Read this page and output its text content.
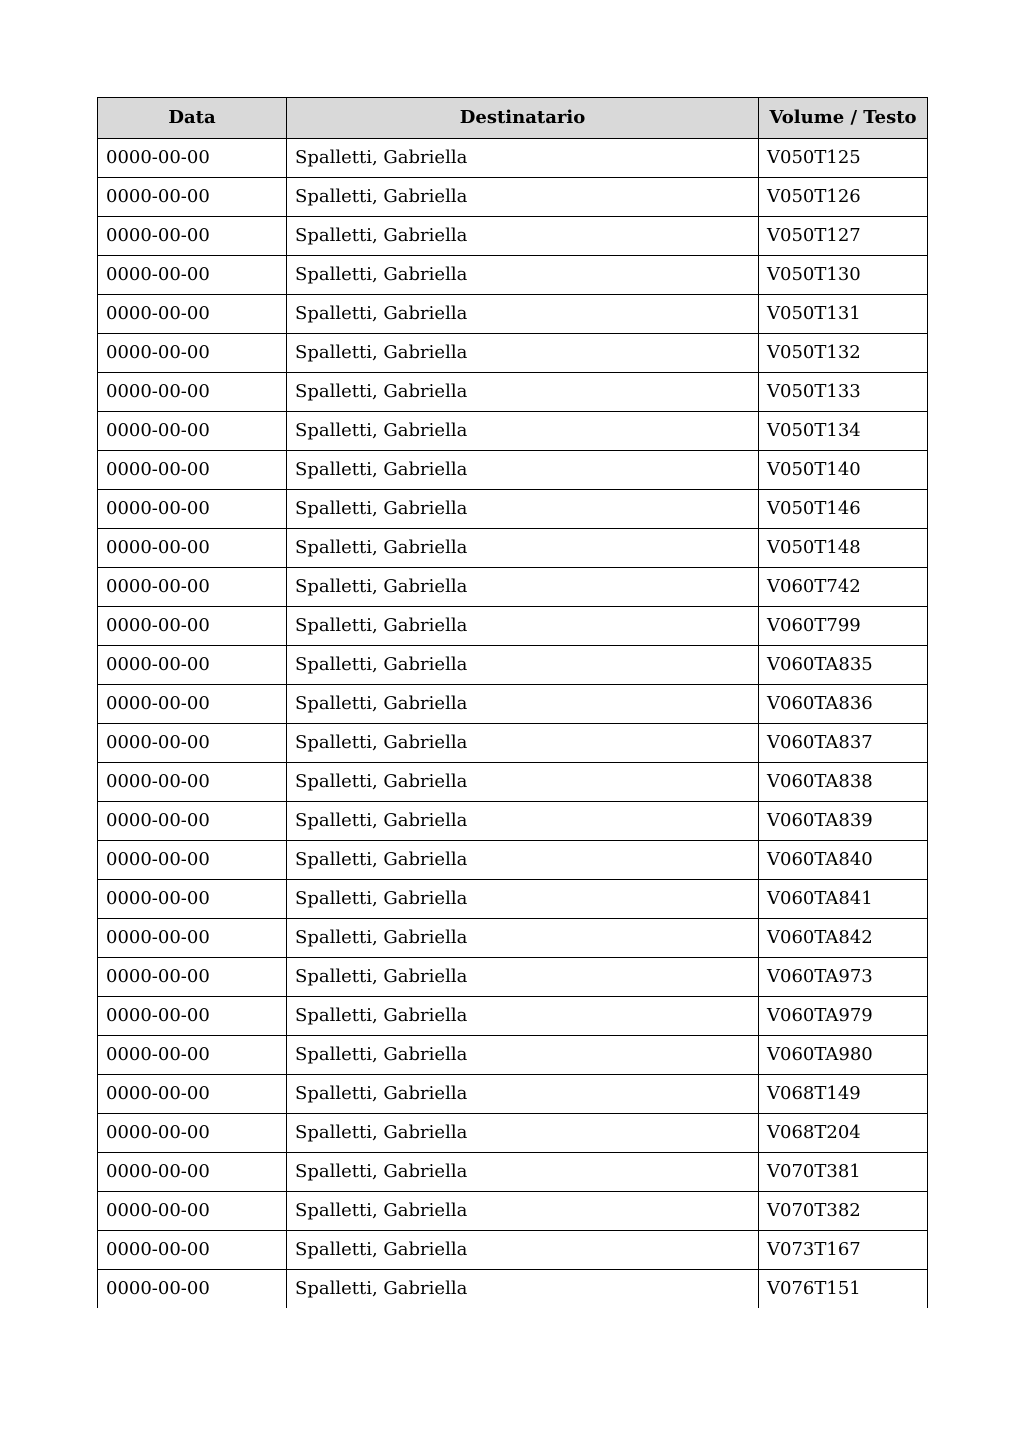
Data	Destinatario	Volume / Testo
0000-00-00	Spalletti, Gabriella	V050T125
0000-00-00	Spalletti, Gabriella	V050T126
0000-00-00	Spalletti, Gabriella	V050T127
0000-00-00	Spalletti, Gabriella	V050T130
0000-00-00	Spalletti, Gabriella	V050T131
0000-00-00	Spalletti, Gabriella	V050T132
0000-00-00	Spalletti, Gabriella	V050T133
0000-00-00	Spalletti, Gabriella	V050T134
0000-00-00	Spalletti, Gabriella	V050T140
0000-00-00	Spalletti, Gabriella	V050T146
0000-00-00	Spalletti, Gabriella	V050T148
0000-00-00	Spalletti, Gabriella	V060T742
0000-00-00	Spalletti, Gabriella	V060T799
0000-00-00	Spalletti, Gabriella	V060TA835
0000-00-00	Spalletti, Gabriella	V060TA836
0000-00-00	Spalletti, Gabriella	V060TA837
0000-00-00	Spalletti, Gabriella	V060TA838
0000-00-00	Spalletti, Gabriella	V060TA839
0000-00-00	Spalletti, Gabriella	V060TA840
0000-00-00	Spalletti, Gabriella	V060TA841
0000-00-00	Spalletti, Gabriella	V060TA842
0000-00-00	Spalletti, Gabriella	V060TA973
0000-00-00	Spalletti, Gabriella	V060TA979
0000-00-00	Spalletti, Gabriella	V060TA980
0000-00-00	Spalletti, Gabriella	V068T149
0000-00-00	Spalletti, Gabriella	V068T204
0000-00-00	Spalletti, Gabriella	V070T381
0000-00-00	Spalletti, Gabriella	V070T382
0000-00-00	Spalletti, Gabriella	V073T167
0000-00-00	Spalletti, Gabriella	V076T151
